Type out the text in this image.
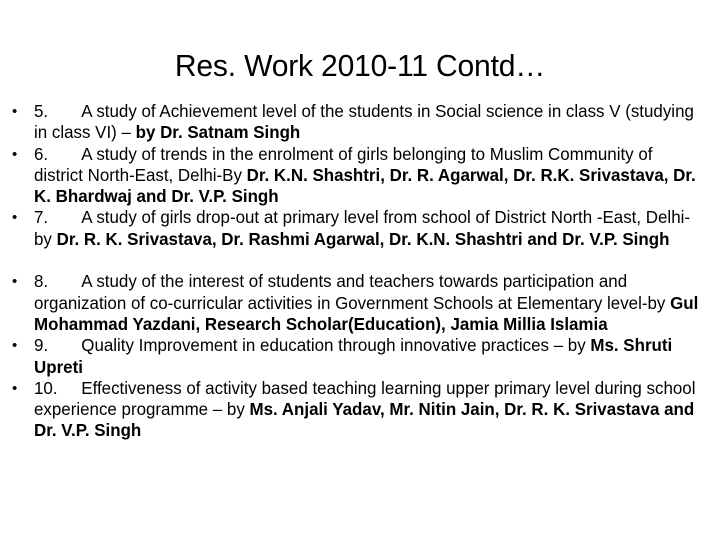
Res. Work 2010-11 Contd…
• 5. A study of Achievement level of the students in Social science in class V (studying in class VI) – by Dr. Satnam Singh
• 6. A study of trends in the enrolment of girls belonging to Muslim Community of district North-East, Delhi-By Dr. K.N. Shashtri, Dr. R. Agarwal, Dr. R.K. Srivastava, Dr. K. Bhardwaj and Dr. V.P. Singh
• 7. A study of girls drop-out at primary level from school of District North -East, Delhi-by Dr. R. K. Srivastava, Dr. Rashmi Agarwal, Dr. K.N. Shashtri and Dr. V.P. Singh

• 8. A study of the interest of students and teachers towards participation and organization of co-curricular activities in Government Schools at Elementary level-by Gul Mohammad Yazdani, Research Scholar(Education), Jamia Millia Islamia
• 9. Quality Improvement in education through innovative practices – by Ms. Shruti Upreti
• 10. Effectiveness of activity based teaching learning upper primary level during school experience programme – by Ms. Anjali Yadav, Mr. Nitin Jain, Dr. R. K. Srivastava and Dr. V.P. Singh
